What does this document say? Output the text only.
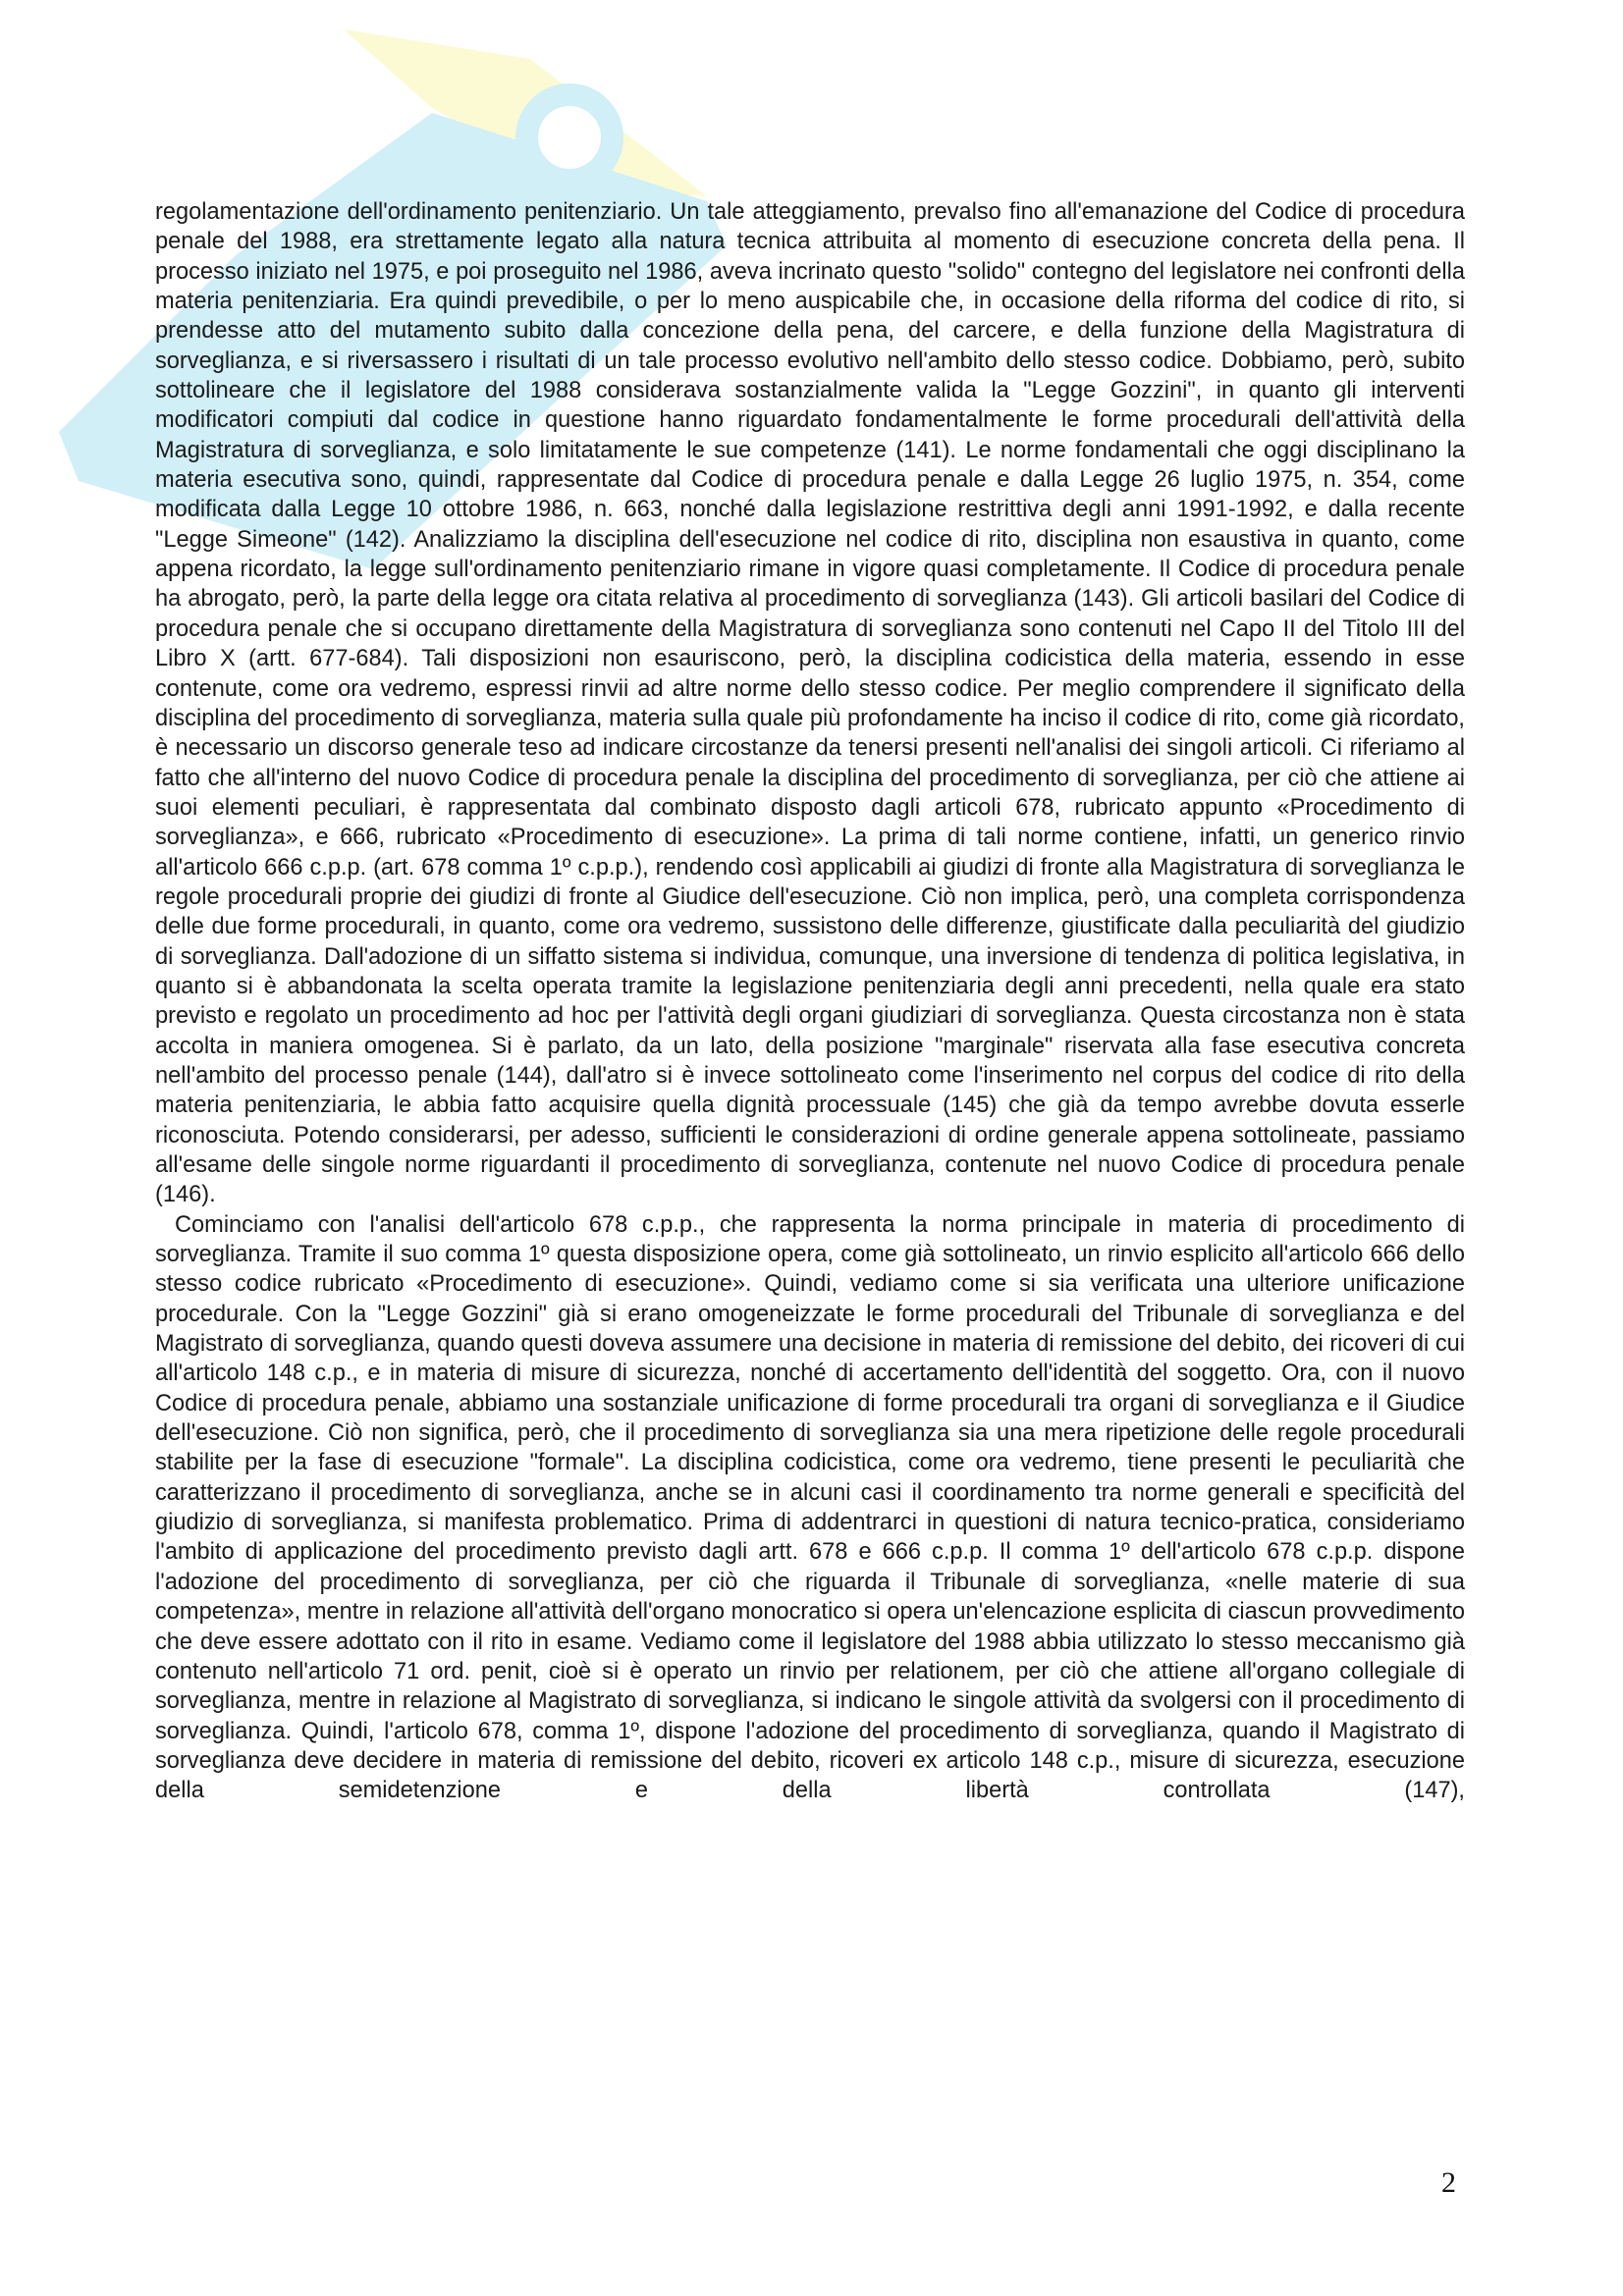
regolamentazione dell'ordinamento penitenziario. Un tale atteggiamento, prevalso fino all'emanazione del Codice di procedura penale del 1988, era strettamente legato alla natura tecnica attribuita al momento di esecuzione concreta della pena. Il processo iniziato nel 1975, e poi proseguito nel 1986, aveva incrinato questo "solido" contegno del legislatore nei confronti della materia penitenziaria. Era quindi prevedibile, o per lo meno auspicabile che, in occasione della riforma del codice di rito, si prendesse atto del mutamento subito dalla concezione della pena, del carcere, e della funzione della Magistratura di sorveglianza, e si riversassero i risultati di un tale processo evolutivo nell'ambito dello stesso codice. Dobbiamo, però, subito sottolineare che il legislatore del 1988 considerava sostanzialmente valida la "Legge Gozzini", in quanto gli interventi modificatori compiuti dal codice in questione hanno riguardato fondamentalmente le forme procedurali dell'attività della Magistratura di sorveglianza, e solo limitatamente le sue competenze (141). Le norme fondamentali che oggi disciplinano la materia esecutiva sono, quindi, rappresentate dal Codice di procedura penale e dalla Legge 26 luglio 1975, n. 354, come modificata dalla Legge 10 ottobre 1986, n. 663, nonché dalla legislazione restrittiva degli anni 1991-1992, e dalla recente "Legge Simeone" (142). Analizziamo la disciplina dell'esecuzione nel codice di rito, disciplina non esaustiva in quanto, come appena ricordato, la legge sull'ordinamento penitenziario rimane in vigore quasi completamente. Il Codice di procedura penale ha abrogato, però, la parte della legge ora citata relativa al procedimento di sorveglianza (143). Gli articoli basilari del Codice di procedura penale che si occupano direttamente della Magistratura di sorveglianza sono contenuti nel Capo II del Titolo III del Libro X (artt. 677-684). Tali disposizioni non esauriscono, però, la disciplina codicistica della materia, essendo in esse contenute, come ora vedremo, espressi rinvii ad altre norme dello stesso codice. Per meglio comprendere il significato della disciplina del procedimento di sorveglianza, materia sulla quale più profondamente ha inciso il codice di rito, come già ricordato, è necessario un discorso generale teso ad indicare circostanze da tenersi presenti nell'analisi dei singoli articoli. Ci riferiamo al fatto che all'interno del nuovo Codice di procedura penale la disciplina del procedimento di sorveglianza, per ciò che attiene ai suoi elementi peculiari, è rappresentata dal combinato disposto dagli articoli 678, rubricato appunto «Procedimento di sorveglianza», e 666, rubricato «Procedimento di esecuzione». La prima di tali norme contiene, infatti, un generico rinvio all'articolo 666 c.p.p. (art. 678 comma 1º c.p.p.), rendendo così applicabili ai giudizi di fronte alla Magistratura di sorveglianza le regole procedurali proprie dei giudizi di fronte al Giudice dell'esecuzione. Ciò non implica, però, una completa corrispondenza delle due forme procedurali, in quanto, come ora vedremo, sussistono delle differenze, giustificate dalla peculiarità del giudizio di sorveglianza. Dall'adozione di un siffatto sistema si individua, comunque, una inversione di tendenza di politica legislativa, in quanto si è abbandonata la scelta operata tramite la legislazione penitenziaria degli anni precedenti, nella quale era stato previsto e regolato un procedimento ad hoc per l'attività degli organi giudiziari di sorveglianza. Questa circostanza non è stata accolta in maniera omogenea. Si è parlato, da un lato, della posizione "marginale" riservata alla fase esecutiva concreta nell'ambito del processo penale (144), dall'atro si è invece sottolineato come l'inserimento nel corpus del codice di rito della materia penitenziaria, le abbia fatto acquisire quella dignità processuale (145) che già da tempo avrebbe dovuta esserle riconosciuta. Potendo considerarsi, per adesso, sufficienti le considerazioni di ordine generale appena sottolineate, passiamo all'esame delle singole norme riguardanti il procedimento di sorveglianza, contenute nel nuovo Codice di procedura penale (146).

Cominciamo con l'analisi dell'articolo 678 c.p.p., che rappresenta la norma principale in materia di procedimento di sorveglianza. Tramite il suo comma 1º questa disposizione opera, come già sottolineato, un rinvio esplicito all'articolo 666 dello stesso codice rubricato «Procedimento di esecuzione». Quindi, vediamo come si sia verificata una ulteriore unificazione procedurale. Con la "Legge Gozzini" già si erano omogeneizzate le forme procedurali del Tribunale di sorveglianza e del Magistrato di sorveglianza, quando questi doveva assumere una decisione in materia di remissione del debito, dei ricoveri di cui all'articolo 148 c.p., e in materia di misure di sicurezza, nonché di accertamento dell'identità del soggetto. Ora, con il nuovo Codice di procedura penale, abbiamo una sostanziale unificazione di forme procedurali tra organi di sorveglianza e il Giudice dell'esecuzione. Ciò non significa, però, che il procedimento di sorveglianza sia una mera ripetizione delle regole procedurali stabilite per la fase di esecuzione "formale". La disciplina codicistica, come ora vedremo, tiene presenti le peculiarità che caratterizzano il procedimento di sorveglianza, anche se in alcuni casi il coordinamento tra norme generali e specificità del giudizio di sorveglianza, si manifesta problematico. Prima di addentrarci in questioni di natura tecnico-pratica, consideriamo l'ambito di applicazione del procedimento previsto dagli artt. 678 e 666 c.p.p. Il comma 1º dell'articolo 678 c.p.p. dispone l'adozione del procedimento di sorveglianza, per ciò che riguarda il Tribunale di sorveglianza, «nelle materie di sua competenza», mentre in relazione all'attività dell'organo monocratico si opera un'elencazione esplicita di ciascun provvedimento che deve essere adottato con il rito in esame. Vediamo come il legislatore del 1988 abbia utilizzato lo stesso meccanismo già contenuto nell'articolo 71 ord. penit, cioè si è operato un rinvio per relationem, per ciò che attiene all'organo collegiale di sorveglianza, mentre in relazione al Magistrato di sorveglianza, si indicano le singole attività da svolgersi con il procedimento di sorveglianza. Quindi, l'articolo 678, comma 1º, dispone l'adozione del procedimento di sorveglianza, quando il Magistrato di sorveglianza deve decidere in materia di remissione del debito, ricoveri ex articolo 148 c.p., misure di sicurezza, esecuzione della semidetenzione e della libertà controllata (147),

2
